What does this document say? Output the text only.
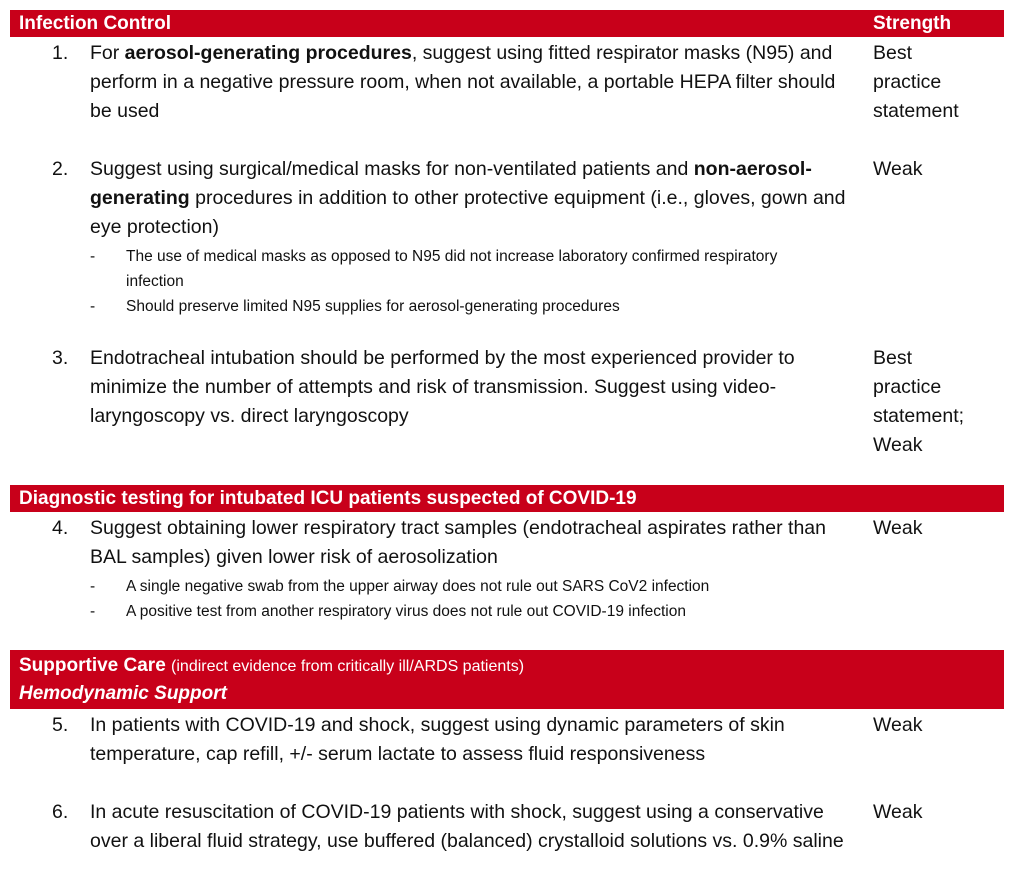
Infection Control	Strength
1. For aerosol-generating procedures, suggest using fitted respirator masks (N95) and perform in a negative pressure room, when not available, a portable HEPA filter should be used
Best practice statement
2. Suggest using surgical/medical masks for non-ventilated patients and non-aerosol-generating procedures in addition to other protective equipment (i.e., gloves, gown and eye protection)
Weak
- The use of medical masks as opposed to N95 did not increase laboratory confirmed respiratory infection
- Should preserve limited N95 supplies for aerosol-generating procedures
3. Endotracheal intubation should be performed by the most experienced provider to minimize the number of attempts and risk of transmission. Suggest using video-laryngoscopy vs. direct laryngoscopy
Best practice statement; Weak
Diagnostic testing for intubated ICU patients suspected of COVID-19
4. Suggest obtaining lower respiratory tract samples (endotracheal aspirates rather than BAL samples) given lower risk of aerosolization
Weak
- A single negative swab from the upper airway does not rule out SARS CoV2 infection
- A positive test from another respiratory virus does not rule out COVID-19 infection
Supportive Care (indirect evidence from critically ill/ARDS patients)
Hemodynamic Support
5. In patients with COVID-19 and shock, suggest using dynamic parameters of skin temperature, cap refill, +/- serum lactate to assess fluid responsiveness
Weak
6. In acute resuscitation of COVID-19 patients with shock, suggest using a conservative over a liberal fluid strategy, use buffered (balanced) crystalloid solutions vs. 0.9% saline
Weak
